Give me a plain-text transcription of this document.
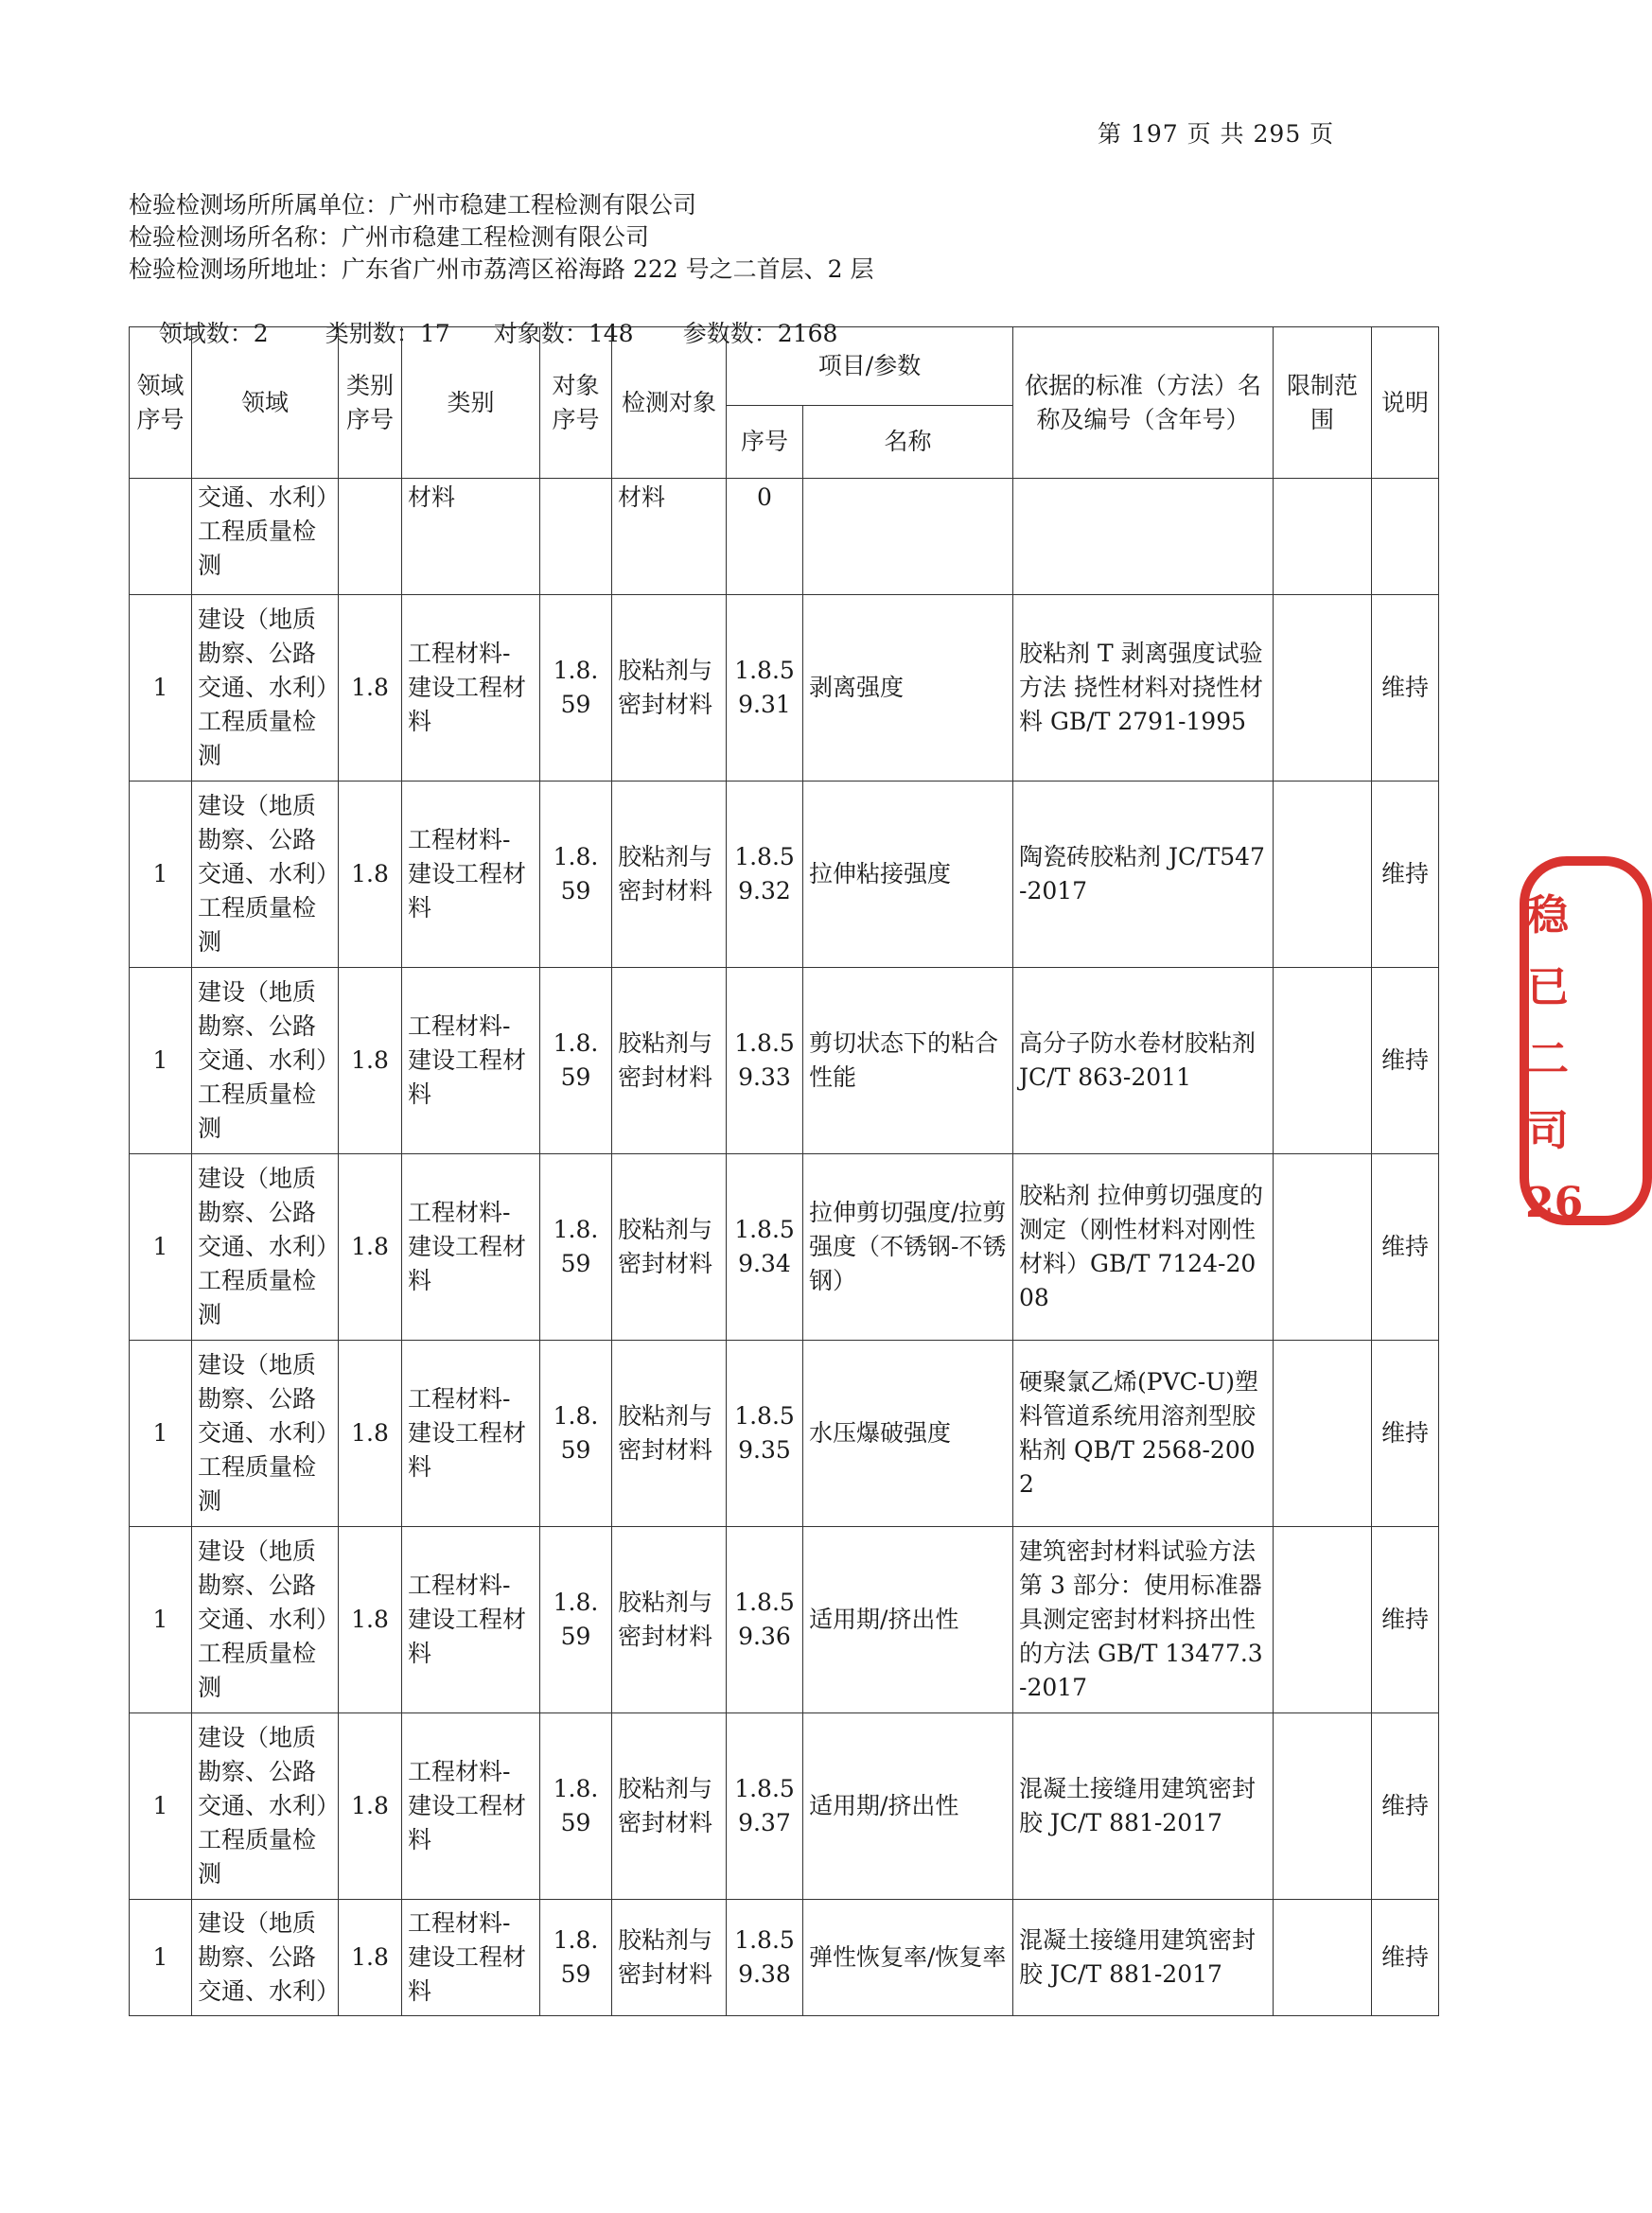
第 197 页 共 295 页
检验检测场所所属单位：广州市稳建工程检测有限公司
检验检测场所名称：广州市稳建工程检测有限公司
检验检测场所地址：广东省广州市荔湾区裕海路 222 号之二首层、2 层

领域数：2 类别数：17 对象数：148 参数数：2168

领域序号	领域	类别序号	类别	对象序号	检测对象	项目/参数		依据的标准（方法）名称及编号（含年号）	限制范围	说明
						序号	名称			
	交通、水利）工程质量检测		材料		材料	0				
1	建设（地质勘察、公路交通、水利）工程质量检测	1.8	工程材料-建设工程材料	1.8.59	胶粘剂与密封材料	1.8.59.31	剥离强度	胶粘剂 T 剥离强度试验方法 挠性材料对挠性材料 GB/T 2791-1995		维持
1	建设（地质勘察、公路交通、水利）工程质量检测	1.8	工程材料-建设工程材料	1.8.59	胶粘剂与密封材料	1.8.59.32	拉伸粘接强度	陶瓷砖胶粘剂 JC/T547-2017		维持
1	建设（地质勘察、公路交通、水利）工程质量检测	1.8	工程材料-建设工程材料	1.8.59	胶粘剂与密封材料	1.8.59.33	剪切状态下的粘合性能	高分子防水卷材胶粘剂 JC/T 863-2011		维持
1	建设（地质勘察、公路交通、水利）工程质量检测	1.8	工程材料-建设工程材料	1.8.59	胶粘剂与密封材料	1.8.59.34	拉伸剪切强度/拉剪强度（不锈钢-不锈钢）	胶粘剂 拉伸剪切强度的测定（刚性材料对刚性材料）GB/T 7124-2008		维持
1	建设（地质勘察、公路交通、水利）工程质量检测	1.8	工程材料-建设工程材料	1.8.59	胶粘剂与密封材料	1.8.59.35	水压爆破强度	硬聚氯乙烯(PVC-U)塑料管道系统用溶剂型胶粘剂 QB/T 2568-2002		维持
1	建设（地质勘察、公路交通、水利）工程质量检测	1.8	工程材料-建设工程材料	1.8.59	胶粘剂与密封材料	1.8.59.36	适用期/挤出性	建筑密封材料试验方法 第 3 部分：使用标准器具测定密封材料挤出性的方法 GB/T 13477.3-2017		维持
1	建设（地质勘察、公路交通、水利）工程质量检测	1.8	工程材料-建设工程材料	1.8.59	胶粘剂与密封材料	1.8.59.37	适用期/挤出性	混凝土接缝用建筑密封胶 JC/T 881-2017		维持
1	建设（地质勘察、公路交通、水利）	1.8	工程材料-建设工程材料	1.8.59	胶粘剂与密封材料	1.8.59.38	弹性恢复率/恢复率	混凝土接缝用建筑密封胶 JC/T 881-2017		维持
稳 已 二 司 26
